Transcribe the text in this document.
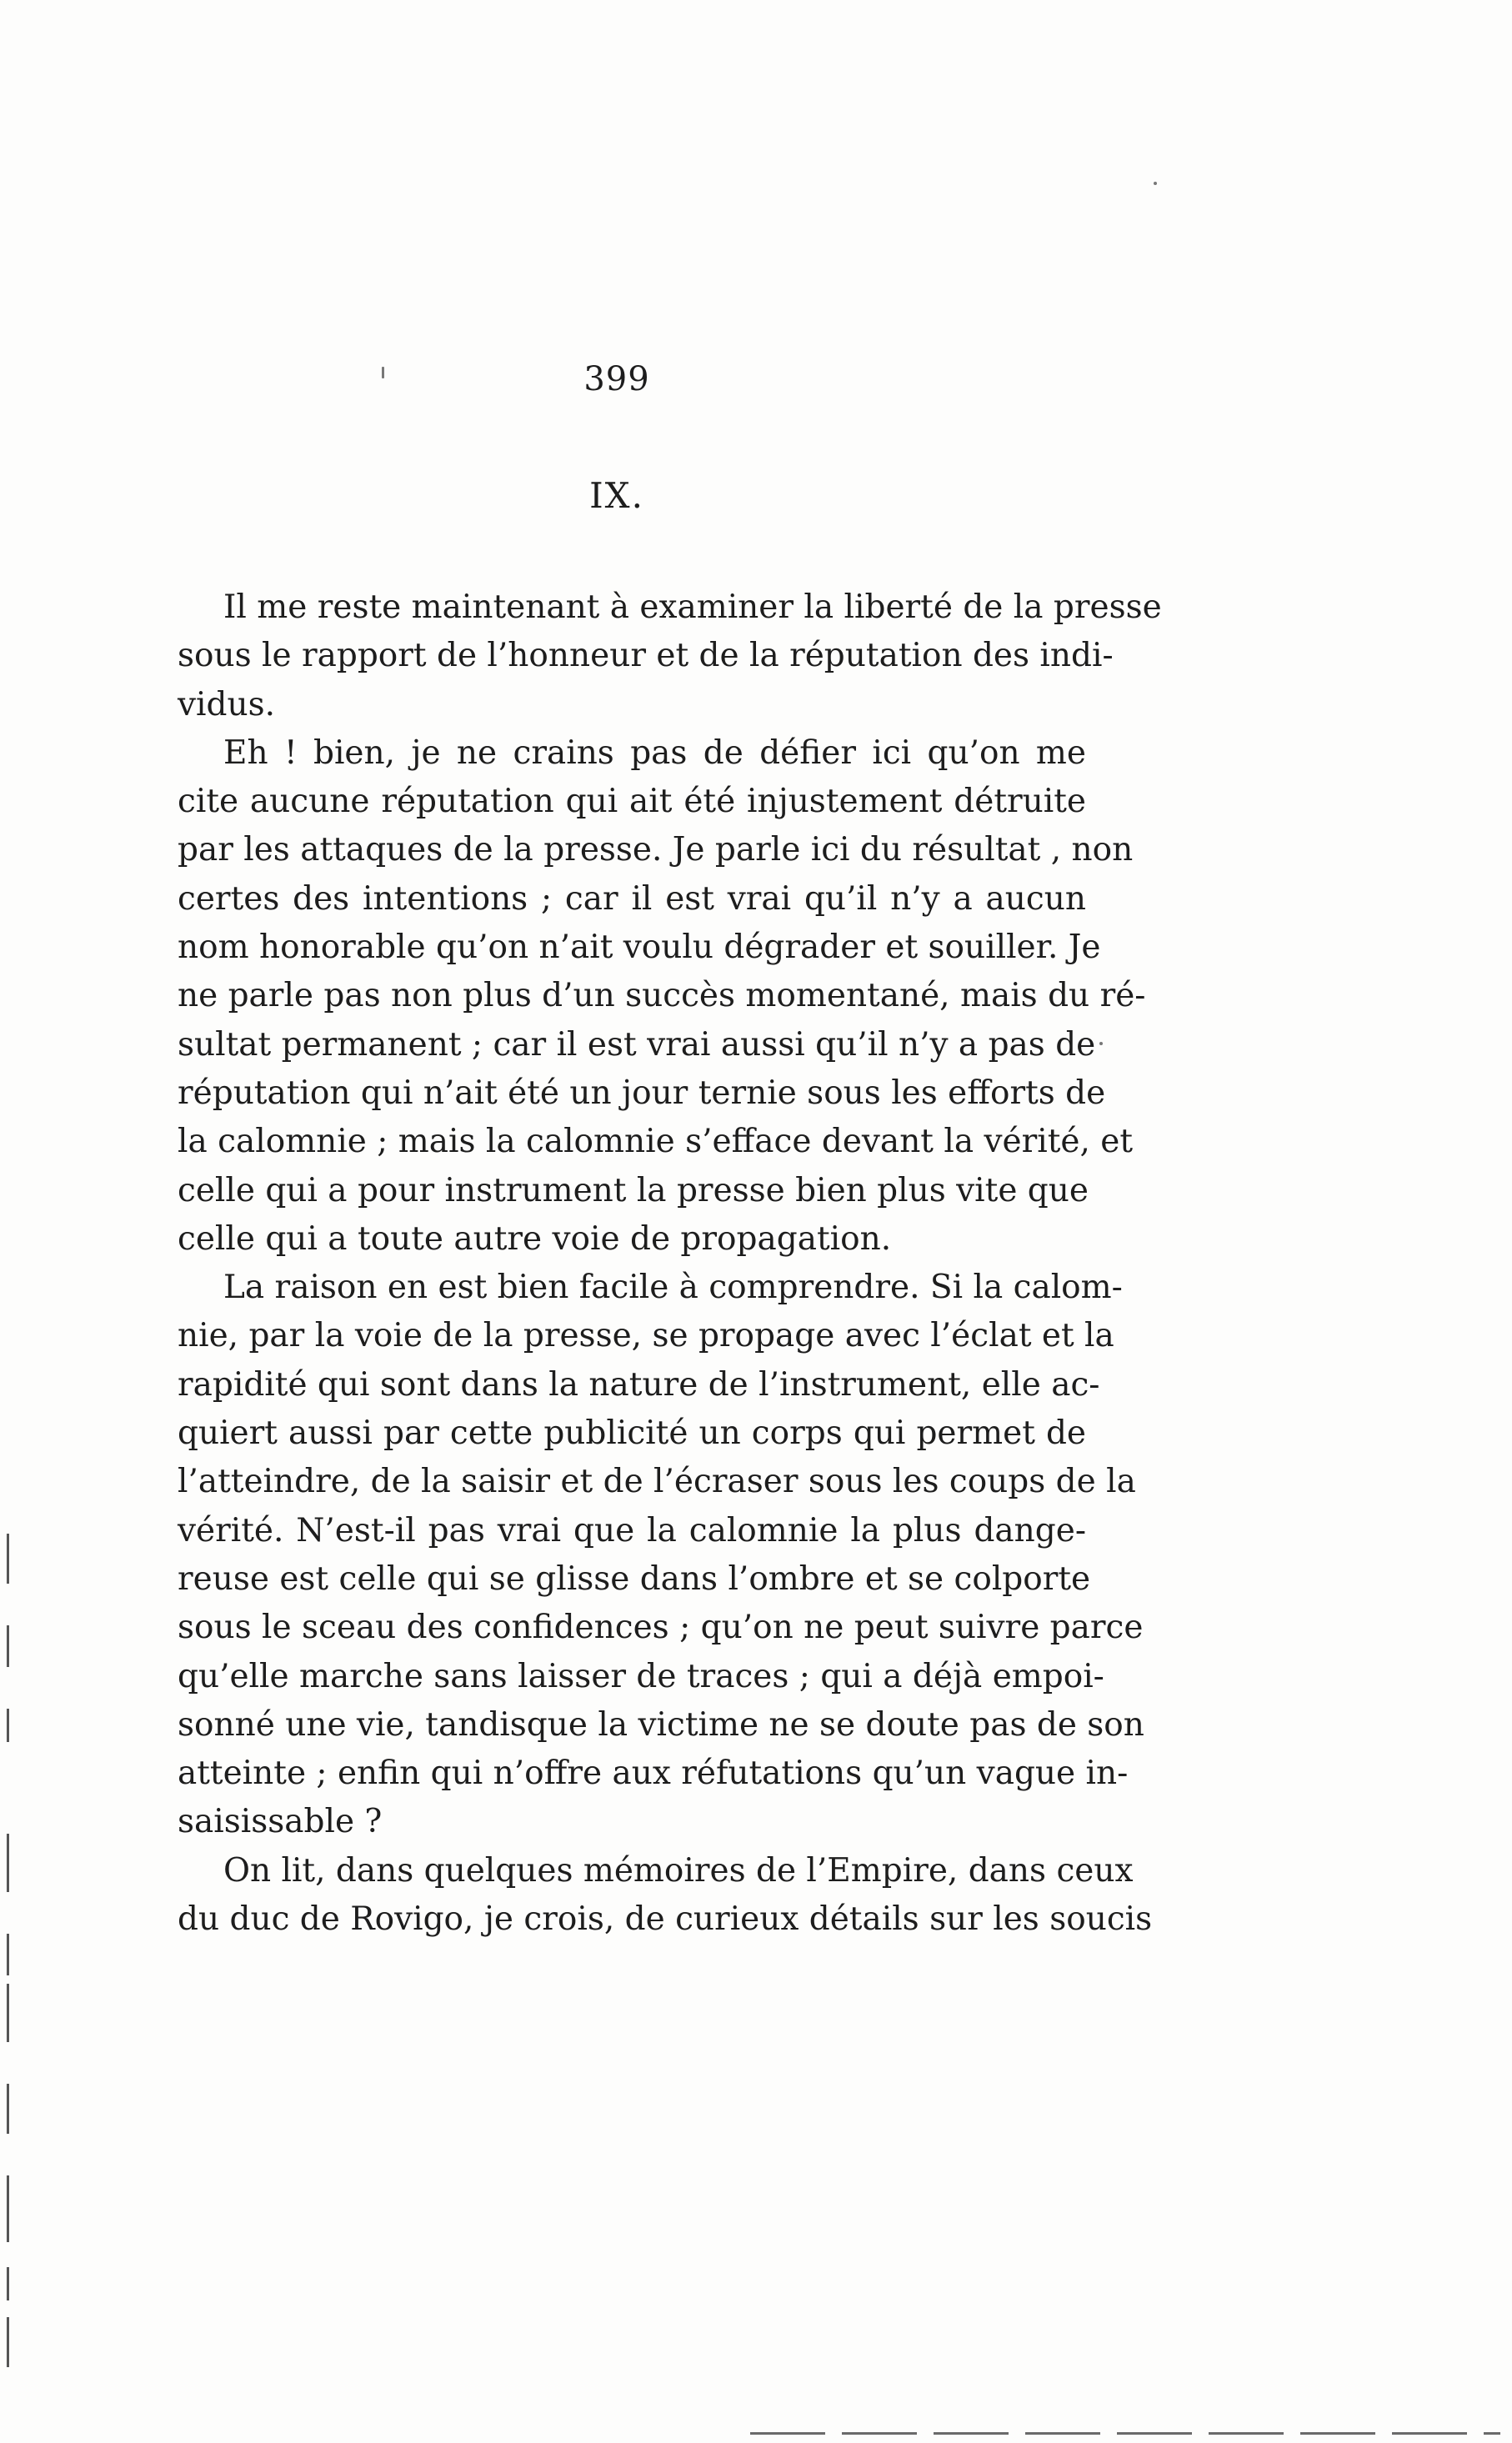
399
IX.
Il me reste maintenant à examiner la liberté de la presse
sous le rapport de l’honneur et de la réputation des indi-
vidus.
Eh ! bien, je ne crains pas de défier ici qu’on me
cite aucune réputation qui ait été injustement détruite
par les attaques de la presse. Je parle ici du résultat , non
certes des intentions ; car il est vrai qu’il n’y a aucun
nom honorable qu’on n’ait voulu dégrader et souiller. Je
ne parle pas non plus d’un succès momentané, mais du ré-
sultat permanent ; car il est vrai aussi qu’il n’y a pas de
réputation qui n’ait été un jour ternie sous les efforts de
la calomnie ; mais la calomnie s’efface devant la vérité, et
celle qui a pour instrument la presse bien plus vite que
celle qui a toute autre voie de propagation.
La raison en est bien facile à comprendre. Si la calom-
nie, par la voie de la presse, se propage avec l’éclat et la
rapidité qui sont dans la nature de l’instrument, elle ac-
quiert aussi par cette publicité un corps qui permet de
l’atteindre, de la saisir et de l’écraser sous les coups de la
vérité. N’est-il pas vrai que la calomnie la plus dange-
reuse est celle qui se glisse dans l’ombre et se colporte
sous le sceau des confidences ; qu’on ne peut suivre parce
qu’elle marche sans laisser de traces ; qui a déjà empoi-
sonné une vie, tandisque la victime ne se doute pas de son
atteinte ; enfin qui n’offre aux réfutations qu’un vague in-
saisissable ?
On lit, dans quelques mémoires de l’Empire, dans ceux
du duc de Rovigo, je crois, de curieux détails sur les soucis
